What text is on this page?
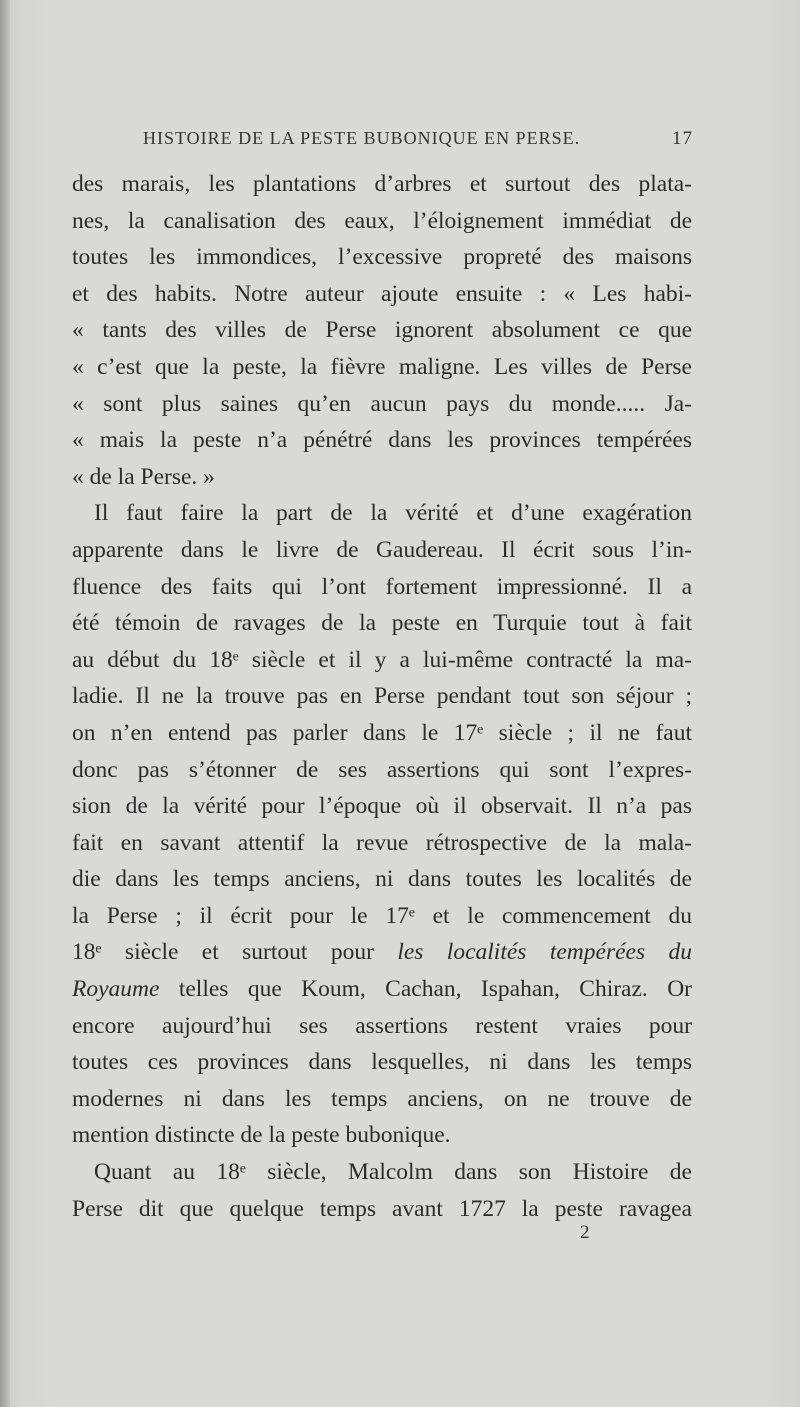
HISTOIRE DE LA PESTE BUBONIQUE EN PERSE.	17
des marais, les plantations d’arbres et surtout des plata-
nes, la canalisation des eaux, l’éloignement immédiat de
toutes les immondices, l’excessive propreté des maisons
et des habits. Notre auteur ajoute ensuite : « Les habi-
« tants des villes de Perse ignorent absolument ce que
« c’est que la peste, la fièvre maligne. Les villes de Perse
« sont plus saines qu’en aucun pays du monde..... Ja-
« mais la peste n’a pénétré dans les provinces tempérées
« de la Perse. »
Il faut faire la part de la vérité et d’une exagération
apparente dans le livre de Gaudereau. Il écrit sous l’in-
fluence des faits qui l’ont fortement impressionné. Il a
été témoin de ravages de la peste en Turquie tout à fait
au début du 18ᵉ siècle et il y a lui-même contracté la ma-
ladie. Il ne la trouve pas en Perse pendant tout son séjour ;
on n’en entend pas parler dans le 17ᵉ siècle ; il ne faut
donc pas s’étonner de ses assertions qui sont l’expres-
sion de la vérité pour l’époque où il observait. Il n’a pas
fait en savant attentif la revue rétrospective de la mala-
die dans les temps anciens, ni dans toutes les localités de
la Perse ; il écrit pour le 17ᵉ et le commencement du
18ᵉ siècle et surtout pour les localités tempérées du
Royaume telles que Koum, Cachan, Ispahan, Chiraz. Or
encore aujourd’hui ses assertions restent vraies pour
toutes ces provinces dans lesquelles, ni dans les temps
modernes ni dans les temps anciens, on ne trouve de
mention distincte de la peste bubonique.
Quant au 18ᵉ siècle, Malcolm dans son Histoire de
Perse dit que quelque temps avant 1727 la peste ravagea
2
